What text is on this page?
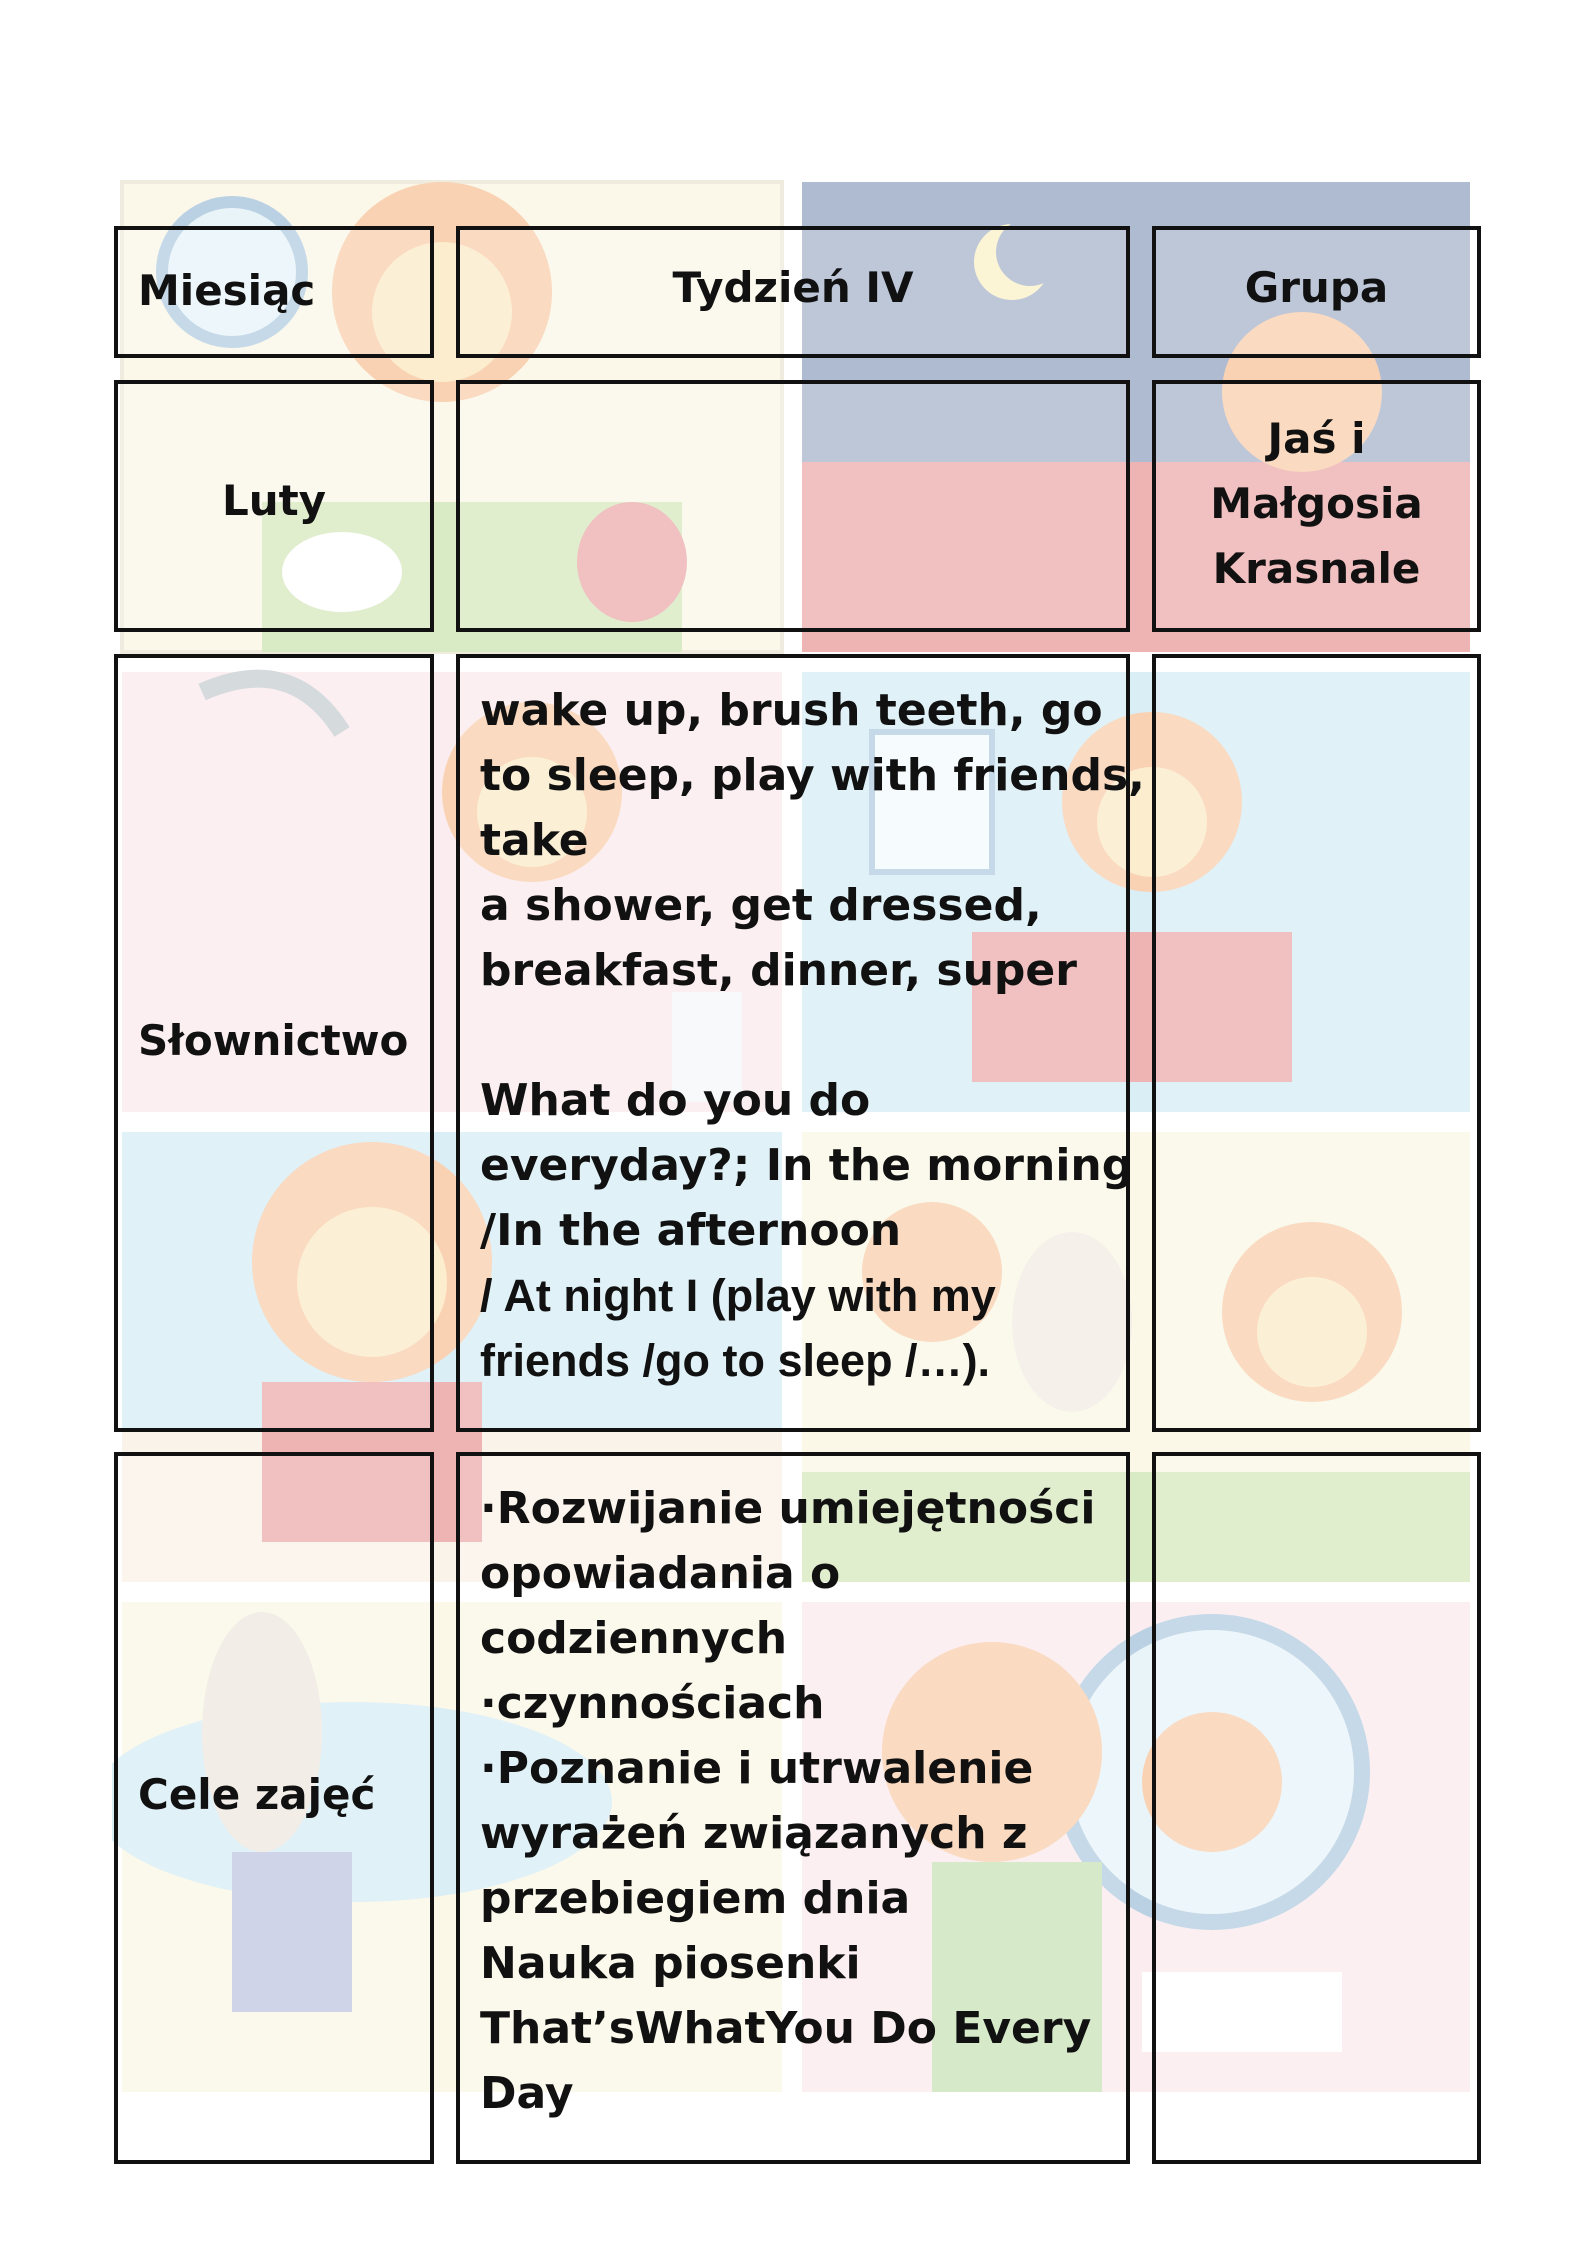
Miesiąc	Tydzień IV	Grupa
Luty
Jaś i
Małgosia
Krasnale
Słownictwo
wake up, brush teeth, go
to sleep, play with friends,
take
a shower, get dressed,
breakfast, dinner, super
What do you do
everyday?; In the morning
/In the afternoon
/ At night I (play with my
friends /go to sleep /…).
Cele zajęć
·Rozwijanie umiejętności
opowiadania o
codziennych
·czynnościach
·Poznanie i utrwalenie
wyrażeń związanych z
przebiegiem dnia
Nauka piosenki
That’sWhatYou Do Every
Day
